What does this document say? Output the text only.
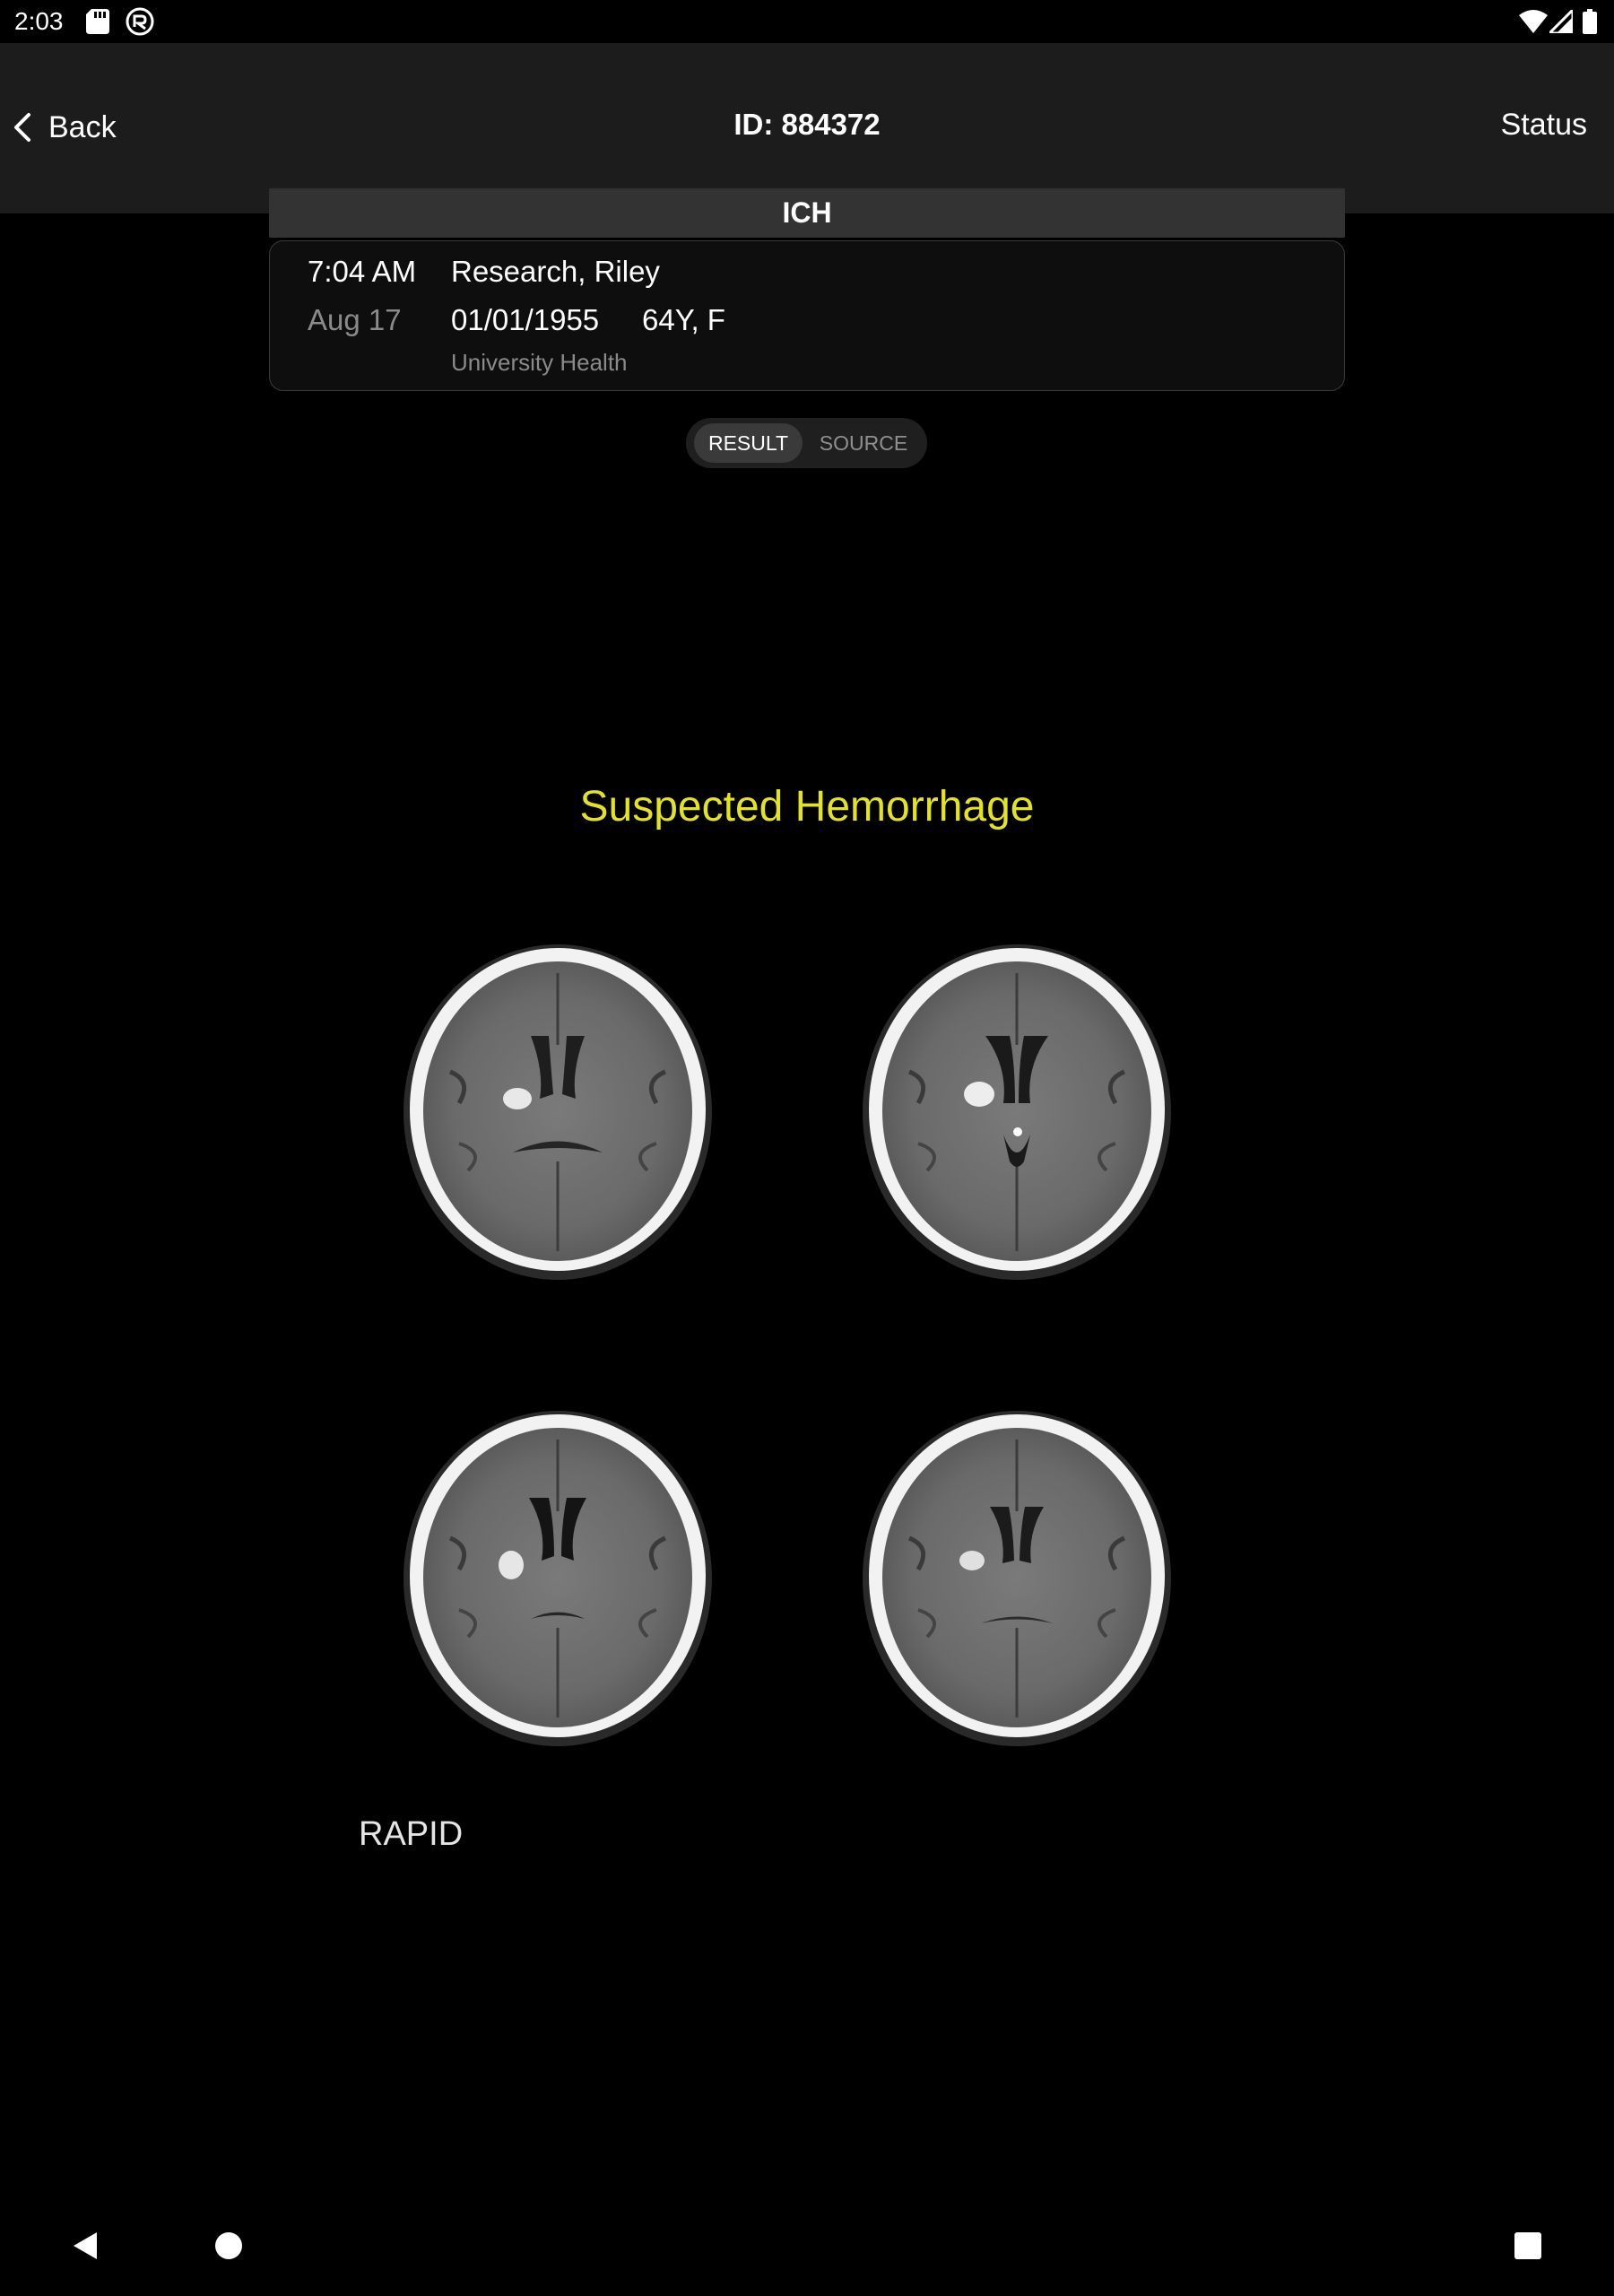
2:03
Back	ID: 884372	Status
ICH
7:04 AM
Aug 17
Research, Riley
01/01/1955 64Y, F
University Health
RESULT	SOURCE
Suspected Hemorrhage
RAPID
